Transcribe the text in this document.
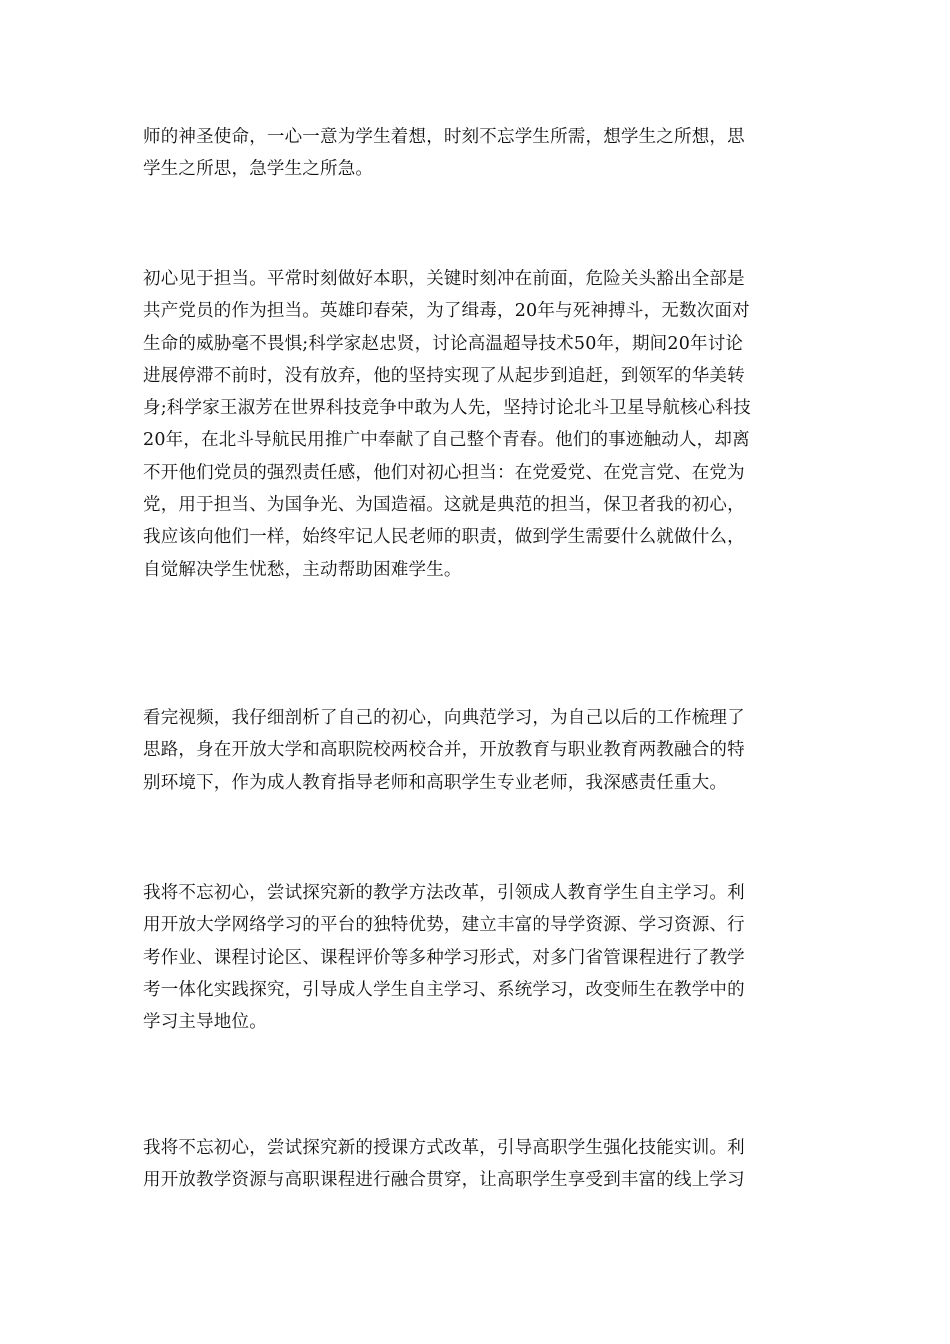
师的神圣使命，一心一意为学生着想，时刻不忘学生所需，想学生之所想，思
学生之所思，急学生之所急。

初心见于担当。平常时刻做好本职，关键时刻冲在前面，危险关头豁出全部是
共产党员的作为担当。英雄印春荣，为了缉毒，20年与死神搏斗，无数次面对
生命的威胁毫不畏惧;科学家赵忠贤，讨论高温超导技术50年，期间20年讨论
进展停滞不前时，没有放弃，他的坚持实现了从起步到追赶，到领军的华美转
身;科学家王淑芳在世界科技竞争中敢为人先，坚持讨论北斗卫星导航核心科技
20年，在北斗导航民用推广中奉献了自己整个青春。他们的事迹触动人，却离
不开他们党员的强烈责任感，他们对初心担当：在党爱党、在党言党、在党为
党，用于担当、为国争光、为国造福。这就是典范的担当，保卫者我的初心，
我应该向他们一样，始终牢记人民老师的职责，做到学生需要什么就做什么，
自觉解决学生忧愁，主动帮助困难学生。

看完视频，我仔细剖析了自己的初心，向典范学习，为自己以后的工作梳理了
思路，身在开放大学和高职院校两校合并，开放教育与职业教育两教融合的特
别环境下，作为成人教育指导老师和高职学生专业老师，我深感责任重大。

我将不忘初心，尝试探究新的教学方法改革，引领成人教育学生自主学习。利
用开放大学网络学习的平台的独特优势，建立丰富的导学资源、学习资源、行
考作业、课程讨论区、课程评价等多种学习形式，对多门省管课程进行了教学
考一体化实践探究，引导成人学生自主学习、系统学习，改变师生在教学中的
学习主导地位。

我将不忘初心，尝试探究新的授课方式改革，引导高职学生强化技能实训。利
用开放教学资源与高职课程进行融合贯穿，让高职学生享受到丰富的线上学习
